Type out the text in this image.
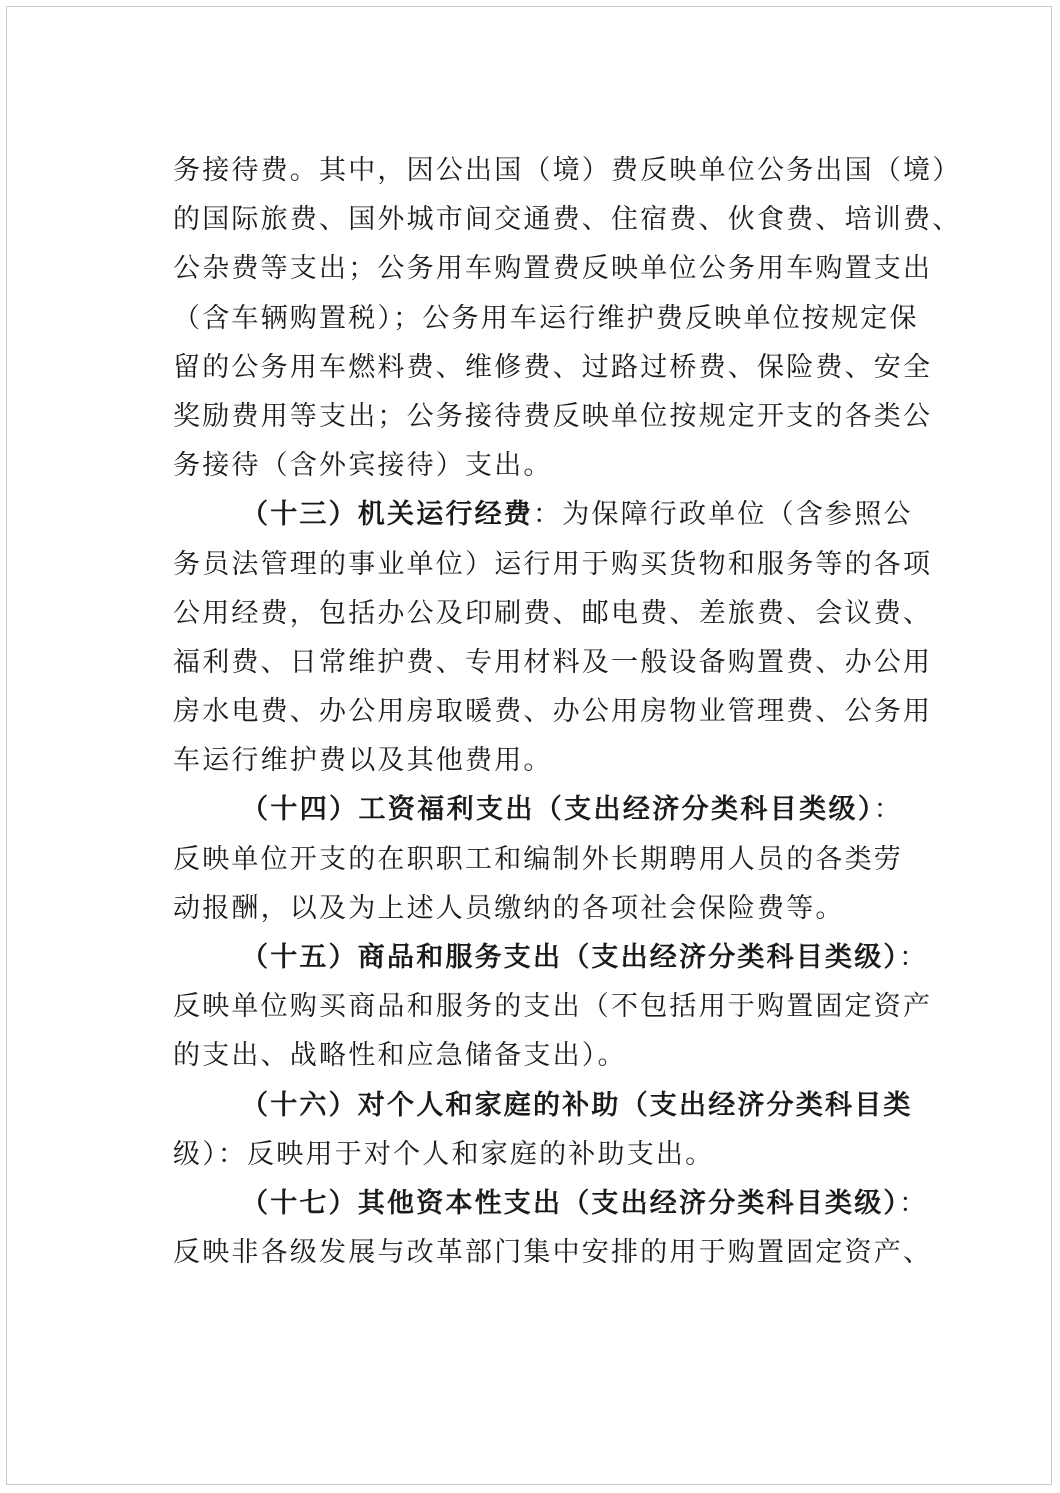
务接待费。其中，因公出国（境）费反映单位公务出国（境）
的国际旅费、国外城市间交通费、住宿费、伙食费、培训费、
公杂费等支出；公务用车购置费反映单位公务用车购置支出
（含车辆购置税）；公务用车运行维护费反映单位按规定保
留的公务用车燃料费、维修费、过路过桥费、保险费、安全
奖励费用等支出；公务接待费反映单位按规定开支的各类公
务接待（含外宾接待）支出。
（十三）机关运行经费：为保障行政单位（含参照公
务员法管理的事业单位）运行用于购买货物和服务等的各项
公用经费，包括办公及印刷费、邮电费、差旅费、会议费、
福利费、日常维护费、专用材料及一般设备购置费、办公用
房水电费、办公用房取暖费、办公用房物业管理费、公务用
车运行维护费以及其他费用。
（十四）工资福利支出（支出经济分类科目类级）：
反映单位开支的在职职工和编制外长期聘用人员的各类劳
动报酬，以及为上述人员缴纳的各项社会保险费等。
（十五）商品和服务支出（支出经济分类科目类级）：
反映单位购买商品和服务的支出（不包括用于购置固定资产
的支出、战略性和应急储备支出）。
（十六）对个人和家庭的补助（支出经济分类科目类
级）：反映用于对个人和家庭的补助支出。
（十七）其他资本性支出（支出经济分类科目类级）：
反映非各级发展与改革部门集中安排的用于购置固定资产、
